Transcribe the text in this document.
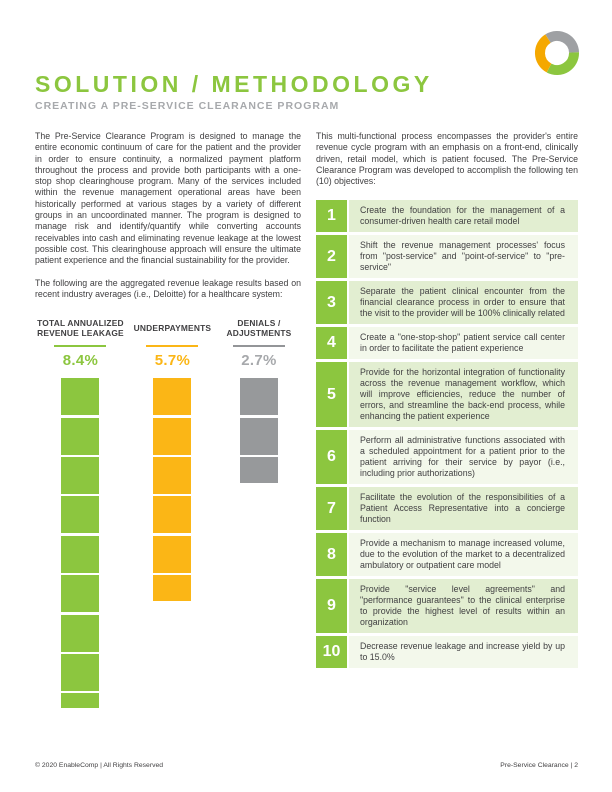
SOLUTION / METHODOLOGY
CREATING A PRE-SERVICE CLEARANCE PROGRAM

The Pre-Service Clearance Program is designed to manage the entire economic continuum of care for the patient and the provider in order to ensure continuity, a normalized payment platform throughout the process and provide both participants with a one-stop shop clearinghouse program. Many of the services included within the revenue management operational areas have been historically performed at various stages by a variety of different groups in an uncoordinated manner. The program is designed to manage risk and identify/quantify while converting accounts receivables into cash and eliminating revenue leakage at the lowest possible cost. This clearinghouse approach will ensure the ultimate patient experience and the financial sustainability for the provider.

The following are the aggregated revenue leakage results based on recent industry averages (i.e., Deloitte) for a healthcare system:

TOTAL ANNUALIZED REVENUE LEAKAGE
8.4%
UNDERPAYMENTS
5.7%
DENIALS / ADJUSTMENTS
2.7%

This multi-functional process encompasses the provider's entire revenue cycle program with an emphasis on a front-end, clinically driven, retail model, which is patient focused. The Pre-Service Clearance Program was developed to accomplish the following ten (10) objectives:

1	Create the foundation for the management of a consumer-driven health care retail model
2
Shift the revenue management processes' focus from "post-service" and "point-of-service" to "pre-service"
3
Separate the patient clinical encounter from the financial clearance process in order to ensure that the visit to the provider will be 100% clinically related
4	Create a "one-stop-shop" patient service call center in order to facilitate the patient experience
5
Provide for the horizontal integration of functionality across the revenue management workflow, which will improve efficiencies, reduce the number of errors, and streamline the back-end process, while enhancing the patient experience
6
Perform all administrative functions associated with a scheduled appointment for a patient prior to the patient arriving for their service by payor (i.e., including prior authorizations)
7
Facilitate the evolution of the responsibilities of a Patient Access Representative into a concierge function
8
Provide a mechanism to manage increased volume, due to the evolution of the market to a decentralized ambulatory or outpatient care model
9
Provide "service level agreements" and "performance guarantees" to the clinical enterprise to provide the highest level of results within an organization
10	Decrease revenue leakage and increase yield by up to 15.0%
© 2020 EnableComp | All Rights Reserved	Pre-Service Clearance | 2
